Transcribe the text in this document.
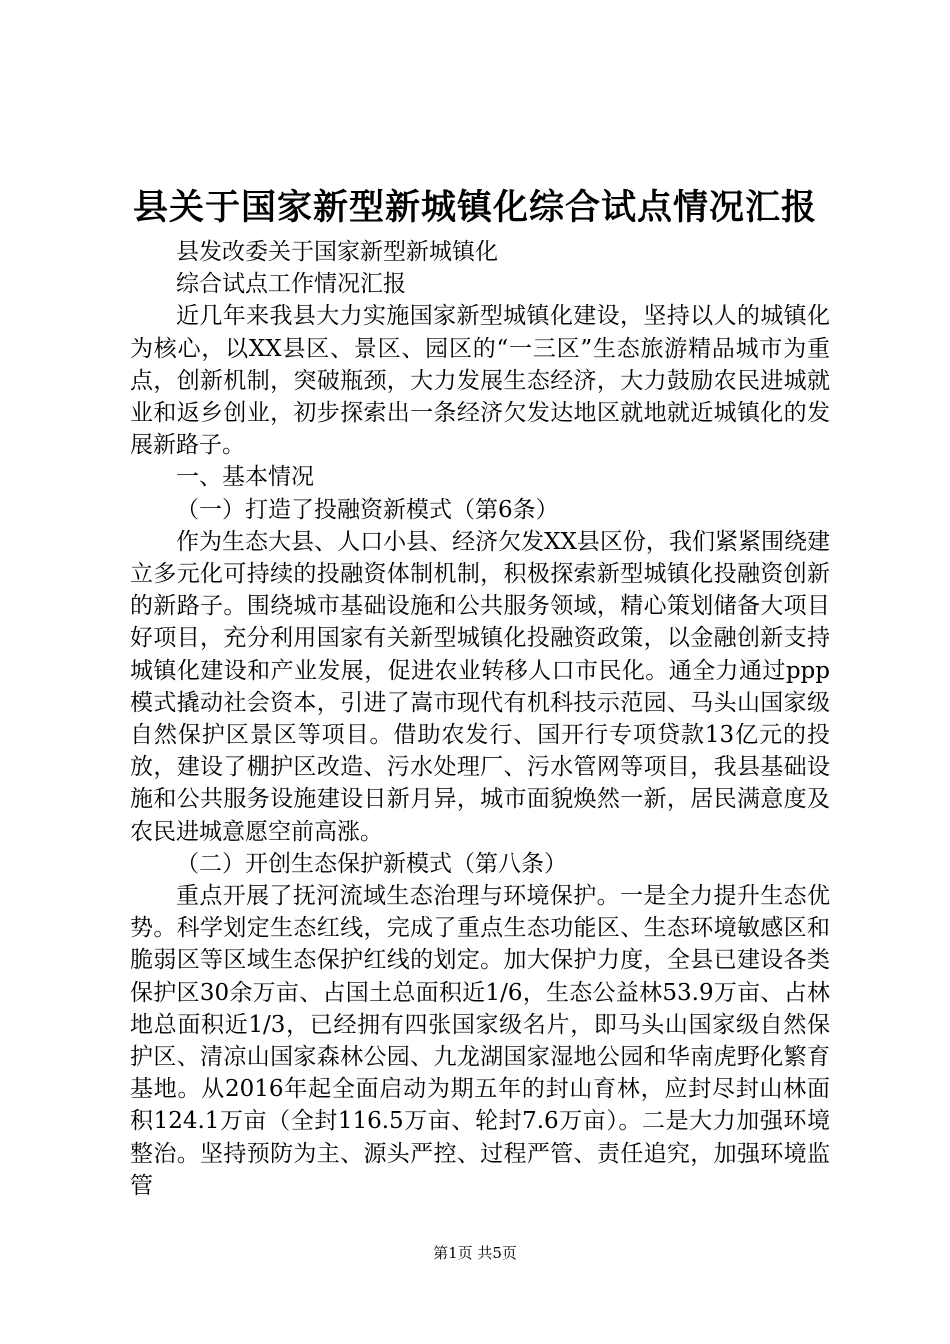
县关于国家新型新城镇化综合试点情况汇报

县发改委关于国家新型新城镇化

综合试点工作情况汇报

近几年来我县大力实施国家新型城镇化建设，坚持以人的城镇化为核心，以XX县区、景区、园区的“一三区”生态旅游精品城市为重点，创新机制，突破瓶颈，大力发展生态经济，大力鼓励农民进城就业和返乡创业，初步探索出一条经济欠发达地区就地就近城镇化的发展新路子。

一、基本情况

（一）打造了投融资新模式（第6条）

作为生态大县、人口小县、经济欠发XX县区份，我们紧紧围绕建立多元化可持续的投融资体制机制，积极探索新型城镇化投融资创新的新路子。围绕城市基础设施和公共服务领域，精心策划储备大项目好项目，充分利用国家有关新型城镇化投融资政策，以金融创新支持城镇化建设和产业发展，促进农业转移人口市民化。通全力通过ppp模式撬动社会资本，引进了嵩市现代有机科技示范园、马头山国家级自然保护区景区等项目。借助农发行、国开行专项贷款13亿元的投放，建设了棚护区改造、污水处理厂、污水管网等项目，我县基础设施和公共服务设施建设日新月异，城市面貌焕然一新，居民满意度及农民进城意愿空前高涨。

（二）开创生态保护新模式（第八条）

重点开展了抚河流域生态治理与环境保护。一是全力提升生态优势。科学划定生态红线，完成了重点生态功能区、生态环境敏感区和脆弱区等区域生态保护红线的划定。加大保护力度，全县已建设各类保护区30余万亩、占国土总面积近1/6，生态公益林53.9万亩、占林地总面积近1/3，已经拥有四张国家级名片，即马头山国家级自然保护区、清凉山国家森林公园、九龙湖国家湿地公园和华南虎野化繁育基地。从2016年起全面启动为期五年的封山育林，应封尽封山林面积124.1万亩（全封116.5万亩、轮封7.6万亩）。二是大力加强环境整治。坚持预防为主、源头严控、过程严管、责任追究，加强环境监管

第1页 共5页
